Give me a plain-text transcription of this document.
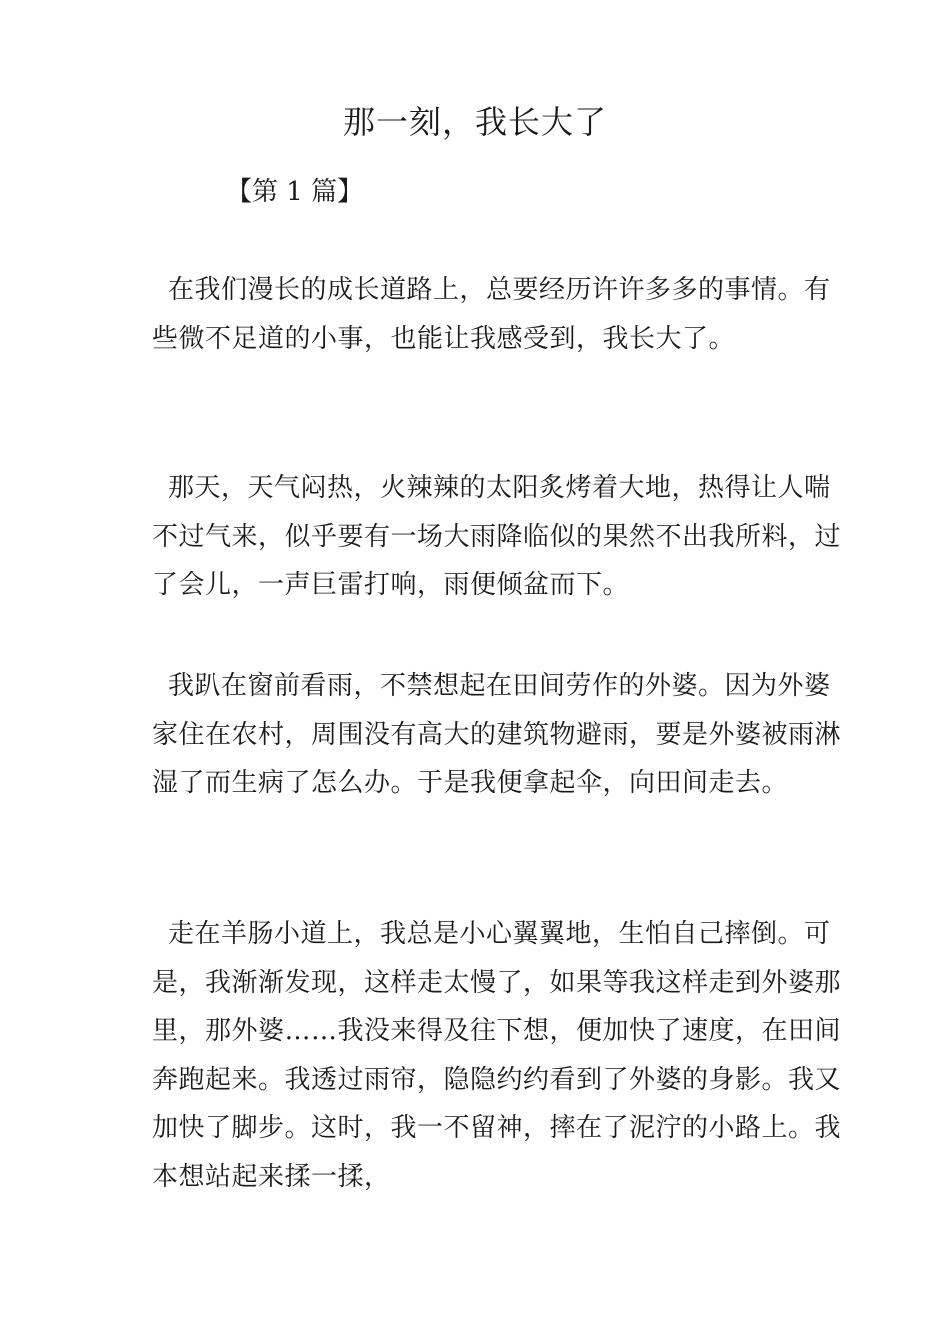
那一刻，我长大了
【第 1 篇】

在我们漫长的成长道路上，总要经历许许多多的事情。有些微不足道的小事，也能让我感受到，我长大了。

那天，天气闷热，火辣辣的太阳炙烤着大地，热得让人喘不过气来，似乎要有一场大雨降临似的果然不出我所料，过了会儿，一声巨雷打响，雨便倾盆而下。

我趴在窗前看雨，不禁想起在田间劳作的外婆。因为外婆家住在农村，周围没有高大的建筑物避雨，要是外婆被雨淋湿了而生病了怎么办。于是我便拿起伞，向田间走去。

走在羊肠小道上，我总是小心翼翼地，生怕自己摔倒。可是，我渐渐发现，这样走太慢了，如果等我这样走到外婆那里，那外婆……我没来得及往下想，便加快了速度，在田间奔跑起来。我透过雨帘，隐隐约约看到了外婆的身影。我又加快了脚步。这时，我一不留神，摔在了泥泞的小路上。我本想站起来揉一揉，
